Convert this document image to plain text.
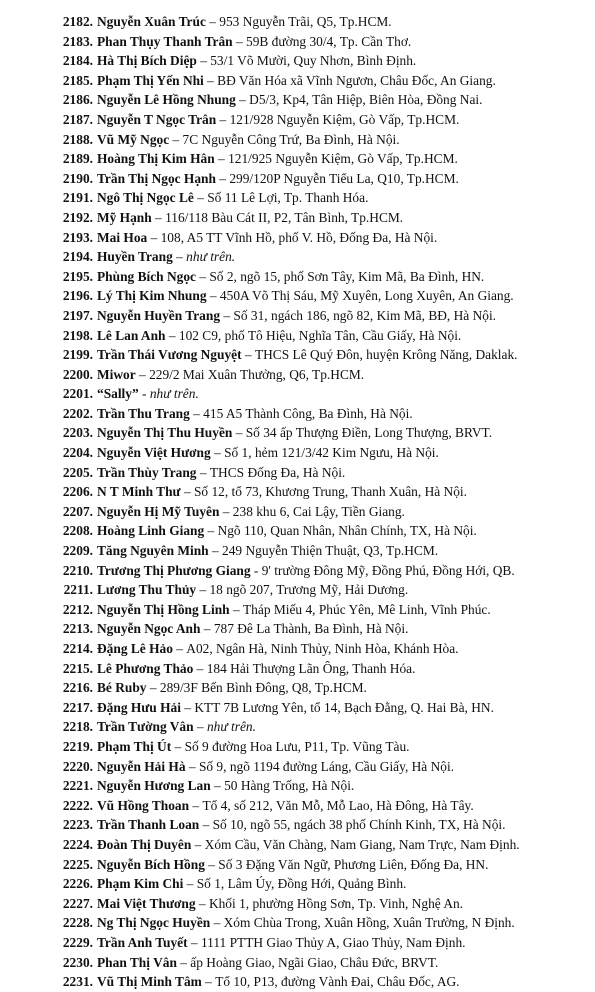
2182. Nguyễn Xuân Trúc – 953 Nguyễn Trãi, Q5, Tp.HCM.
2183. Phan Thụy Thanh Trân – 59B đường 30/4, Tp. Cần Thơ.
2184. Hà Thị Bích Diệp – 53/1 Võ Mười, Quy Nhơn, Bình Định.
2185. Phạm Thị Yến Nhi – BĐ Văn Hóa xã Vĩnh Ngươn, Châu Đốc, An Giang.
2186. Nguyễn Lê Hồng Nhung – D5/3, Kp4, Tân Hiệp, Biên Hòa, Đồng Nai.
2187. Nguyễn T Ngọc Trân – 121/928 Nguyễn Kiệm, Gò Vấp, Tp.HCM.
2188. Vũ Mỹ Ngọc – 7C Nguyễn Công Trứ, Ba Đình, Hà Nội.
2189. Hoàng Thị Kim Hân – 121/925 Nguyễn Kiệm, Gò Vấp, Tp.HCM.
2190. Trần Thị Ngọc Hạnh – 299/120P Nguyễn Tiểu La, Q10, Tp.HCM.
2191. Ngô Thị Ngọc Lê – Số 11 Lê Lợi, Tp. Thanh Hóa.
2192. Mỹ Hạnh – 116/118 Bàu Cát II, P2, Tân Bình, Tp.HCM.
2193. Mai Hoa – 108, A5 TT Vĩnh Hồ, phố V. Hồ, Đống Đa, Hà Nội.
2194. Huyền Trang – như trên.
2195. Phùng Bích Ngọc – Số 2, ngõ 15, phố Sơn Tây, Kim Mã, Ba Đình, HN.
2196. Lý Thị Kim Nhung – 450A Võ Thị Sáu, Mỹ Xuyên, Long Xuyên, An Giang.
2197. Nguyễn Huyền Trang – Số 31, ngách 186, ngõ 82, Kim Mã, BĐ, Hà Nội.
2198. Lê Lan Anh – 102 C9, phố Tô Hiệu, Nghĩa Tân, Cầu Giấy, Hà Nội.
2199. Trần Thái Vương Nguyệt – THCS Lê Quý Đôn, huyện Krông Năng, Daklak.
2200. Miwor – 229/2 Mai Xuân Thưởng, Q6, Tp.HCM.
2201. “Sally” - như trên.
2202. Trần Thu Trang – 415 A5 Thành Công, Ba Đình, Hà Nội.
2203. Nguyễn Thị Thu Huyền – Số 34 ấp Thượng Điền, Long Thượng, BRVT.
2204. Nguyễn Việt Hương – Số 1, hẻm 121/3/42 Kim Ngưu, Hà Nội.
2205. Trần Thùy Trang – THCS Đống Đa, Hà Nội.
2206. N T Minh Thư – Số 12, tổ 73, Khương Trung, Thanh Xuân, Hà Nội.
2207. Nguyễn Hị Mỹ Tuyên – 238 khu 6, Cai Lậy, Tiền Giang.
2208. Hoàng Linh Giang – Ngõ 110, Quan Nhân, Nhân Chính, TX, Hà Nội.
2209. Tăng Nguyên Minh – 249 Nguyễn Thiện Thuật, Q3, Tp.HCM.
2210. Trương Thị Phương Giang - 9' trường Đông Mỹ, Đồng Phú, Đồng Hới, QB.
2211. Lương Thu Thủy – 18 ngõ 207, Trương Mỹ, Hải Dương.
2212. Nguyễn Thị Hồng Linh – Tháp Miếu 4, Phúc Yên, Mê Linh, Vĩnh Phúc.
2213. Nguyễn Ngọc Anh – 787 Đê La Thành, Ba Đình, Hà Nội.
2214. Đặng Lê Hảo – A02, Ngân Hà, Ninh Thủy, Ninh Hòa, Khánh Hòa.
2215. Lê Phương Thảo – 184 Hải Thượng Lãn Ông, Thanh Hóa.
2216. Bé Ruby – 289/3F Bến Bình Đông, Q8, Tp.HCM.
2217. Đặng Hưu Hải – KTT 7B Lương Yên, tổ 14, Bạch Đằng, Q. Hai Bà, HN.
2218. Trần Tường Vân – như trên.
2219. Phạm Thị Út – Số 9 đường Hoa Lưu, P11, Tp. Vũng Tàu.
2220. Nguyễn Hải Hà – Số 9, ngõ 1194 đường Láng, Cầu Giấy, Hà Nội.
2221. Nguyễn Hương Lan – 50 Hàng Trống, Hà Nội.
2222. Vũ Hồng Thoan – Tổ 4, số 212, Văn Mỗ, Mỗ Lao, Hà Đông, Hà Tây.
2223. Trần Thanh Loan – Số 10, ngõ 55, ngách 38 phố Chính Kinh, TX, Hà Nội.
2224. Đoàn Thị Duyên – Xóm Cầu, Văn Chàng, Nam Giang, Nam Trực, Nam Định.
2225. Nguyễn Bích Hồng – Số 3 Đặng Văn Ngữ, Phương Liên, Đống Đa, HN.
2226. Phạm Kim Chi – Số 1, Lâm Úy, Đồng Hới, Quảng Bình.
2227. Mai Việt Thương – Khối 1, phường Hồng Sơn, Tp. Vinh, Nghệ An.
2228. Ng Thị Ngọc Huyền – Xóm Chùa Trong, Xuân Hồng, Xuân Trường, N Định.
2229. Trần Anh Tuyết – 1111 PTTH Giao Thủy A, Giao Thủy, Nam Định.
2230. Phan Thị Vân – ấp Hoàng Giao, Ngãi Giao, Châu Đức, BRVT.
2231. Vũ Thị Minh Tâm – Tổ 10, P13, đường Vành Đai, Châu Đốc, AG.
